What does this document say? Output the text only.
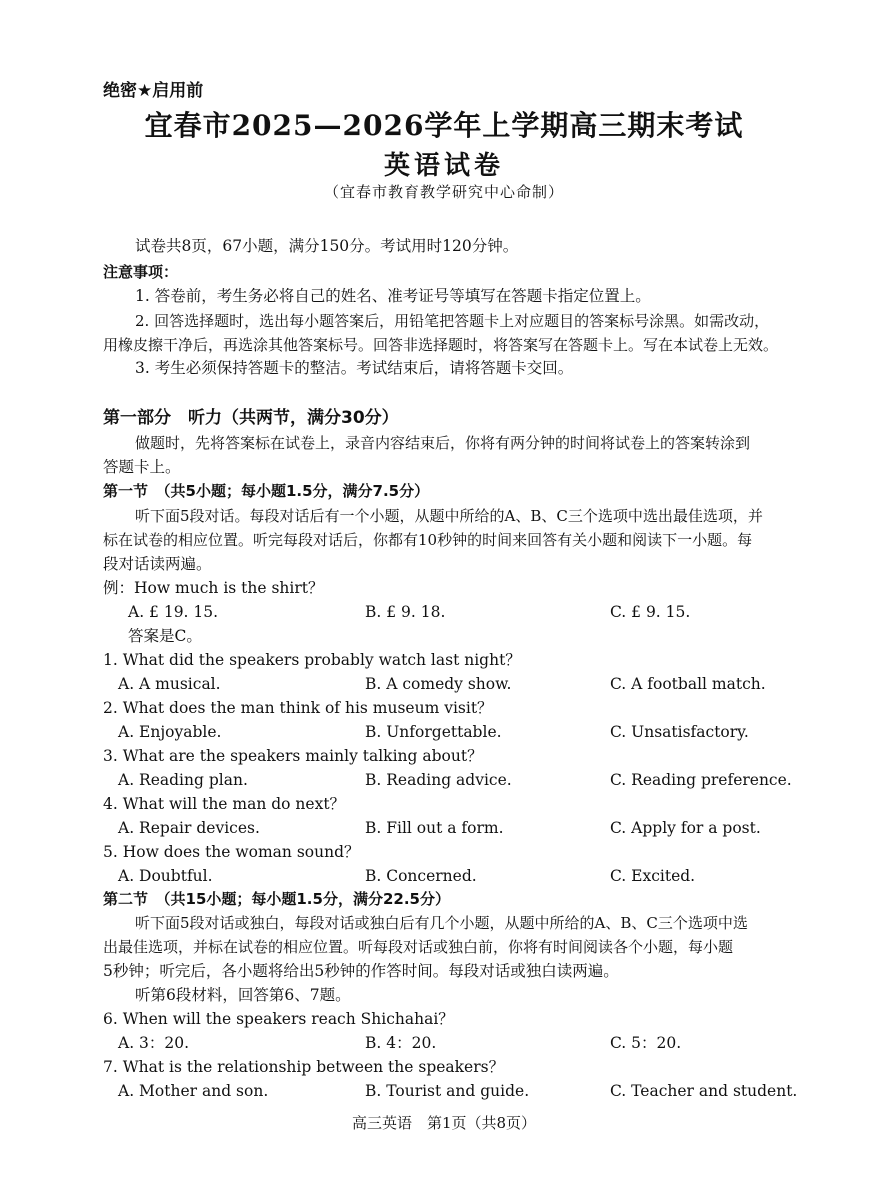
绝密★启用前
宜春市2025—2026学年上学期高三期末考试
英语试卷
（宜春市教育教学研究中心命制）
试卷共8页，67小题，满分150分。考试用时120分钟。
注意事项：
1. 答卷前，考生务必将自己的姓名、准考证号等填写在答题卡指定位置上。
2. 回答选择题时，选出每小题答案后，用铅笔把答题卡上对应题目的答案标号涂黑。如需改动，
用橡皮擦干净后，再选涂其他答案标号。回答非选择题时，将答案写在答题卡上。写在本试卷上无效。
3. 考生必须保持答题卡的整洁。考试结束后，请将答题卡交回。
第一部分　听力（共两节，满分30分）
做题时，先将答案标在试卷上，录音内容结束后，你将有两分钟的时间将试卷上的答案转涂到
答题卡上。
第一节　（共5小题；每小题1.5分，满分7.5分）
听下面5段对话。每段对话后有一个小题，从题中所给的A、B、C三个选项中选出最佳选项，并
标在试卷的相应位置。听完每段对话后，你都有10秒钟的时间来回答有关小题和阅读下一小题。每
段对话读两遍。
例：How much is the shirt？
A. £ 19. 15.	B. £ 9. 18.	C. £ 9. 15.
答案是C。
1. What did the speakers probably watch last night？
A. A musical.	B. A comedy show.	C. A football match.
2. What does the man think of his museum visit？
A. Enjoyable.	B. Unforgettable.	C. Unsatisfactory.
3. What are the speakers mainly talking about？
A. Reading plan.	B. Reading advice.	C. Reading preference.
4. What will the man do next？
A. Repair devices.	B. Fill out a form.	C. Apply for a post.
5. How does the woman sound？
A. Doubtful.	B. Concerned.	C. Excited.
第二节　（共15小题；每小题1.5分，满分22.5分）
听下面5段对话或独白，每段对话或独白后有几个小题，从题中所给的A、B、C三个选项中选
出最佳选项，并标在试卷的相应位置。听每段对话或独白前，你将有时间阅读各个小题，每小题
5秒钟；听完后，各小题将给出5秒钟的作答时间。每段对话或独白读两遍。
听第6段材料，回答第6、7题。
6. When will the speakers reach Shichahai？
A. 3：20.	B. 4：20.	C. 5：20.
7. What is the relationship between the speakers？
A. Mother and son.	B. Tourist and guide.	C. Teacher and student.
高三英语　第1页（共8页）
